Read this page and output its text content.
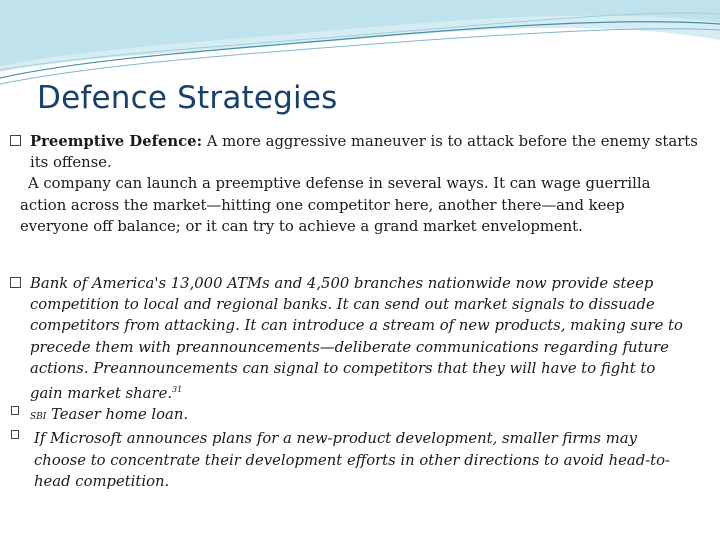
Defence Strategies
Preemptive Defence: A more aggressive maneuver is to attack before the enemy starts its offense.
A company can launch a preemptive defense in several ways. It can wage guerrilla action across the market—hitting one competitor here, another there—and keep everyone off balance; or it can try to achieve a grand market envelopment.
Bank of America's 13,000 ATMs and 4,500 branches nationwide now provide steep competition to local and regional banks. It can send out market signals to dissuade competitors from attacking. It can introduce a stream of new products, making sure to precede them with preannouncements—deliberate communications regarding future actions. Preannouncements can signal to competitors that they will have to fight to gain market share.$^{31}$
SBI Teaser home loan.
If Microsoft announces plans for a new-product development, smaller firms may choose to concentrate their development efforts in other directions to avoid head-to-head competition.
